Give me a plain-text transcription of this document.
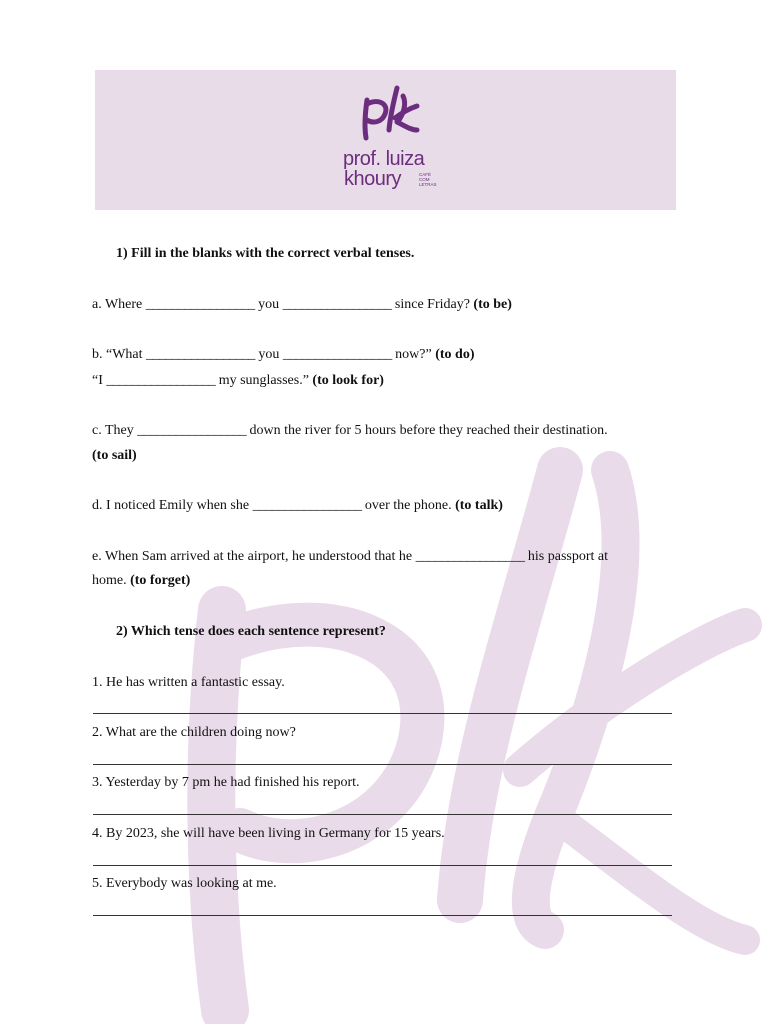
prof. luiza
khoury	CAFÉ
COM
LETRAS
1) Fill in the blanks with the correct verbal tenses.
a. Where _________________ you _________________ since Friday? (to be)
b. “What _________________ you _________________ now?” (to do)
“I _________________ my sunglasses.” (to look for)
c. They _________________ down the river for 5 hours before they reached their destination.
(to sail)
d. I noticed Emily when she _________________ over the phone. (to talk)
e. When Sam arrived at the airport, he understood that he _________________ his passport at
home. (to forget)
2) Which tense does each sentence represent?
1. He has written a fantastic essay.
2. What are the children doing now?
3. Yesterday by 7 pm he had finished his report.
4. By 2023, she will have been living in Germany for 15 years.
5. Everybody was looking at me.
